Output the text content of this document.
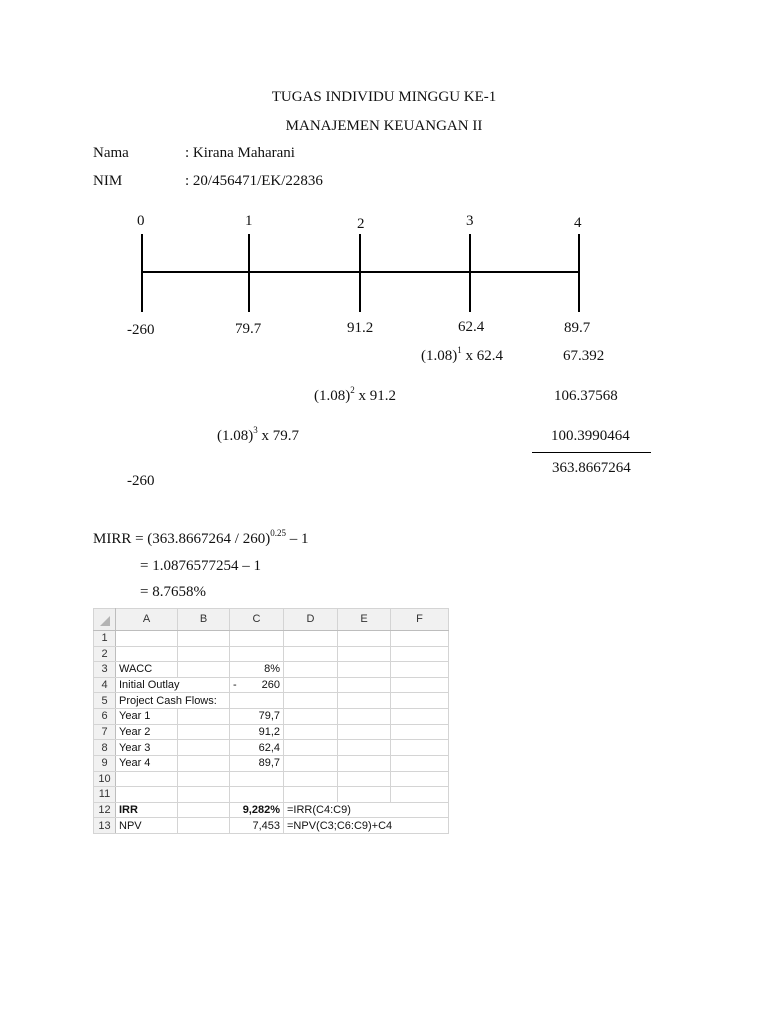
TUGAS INDIVIDU MINGGU KE-1
MANAJEMEN KEUANGAN II
Nama	: Kirana Maharani
NIM	: 20/456471/EK/22836
0	1	2	3	4
-260	79.7	91.2	62.4	89.7
$(1.08)^1$ x 62.4	67.392
$(1.08)^2$ x 91.2	106.37568
$(1.08)^3$ x 79.7	100.3990464
363.8667264
-260
MIRR = (363.8667264 / 260)$^{0.25}$ – 1
= 1.0876577254 – 1
= 8.7658%
	A	B	C	D	E	F
1						
2						
3	WACC		8%			
4	Initial Outlay		- 260			
5	Project Cash Flows:					
6	Year 1		79,7			
7	Year 2		91,2			
8	Year 3		62,4			
9	Year 4		89,7			
10						
11						
12	IRR		9,282%	=IRR(C4:C9)		
13	NPV		7,453	=NPV(C3;C6:C9)+C4		
